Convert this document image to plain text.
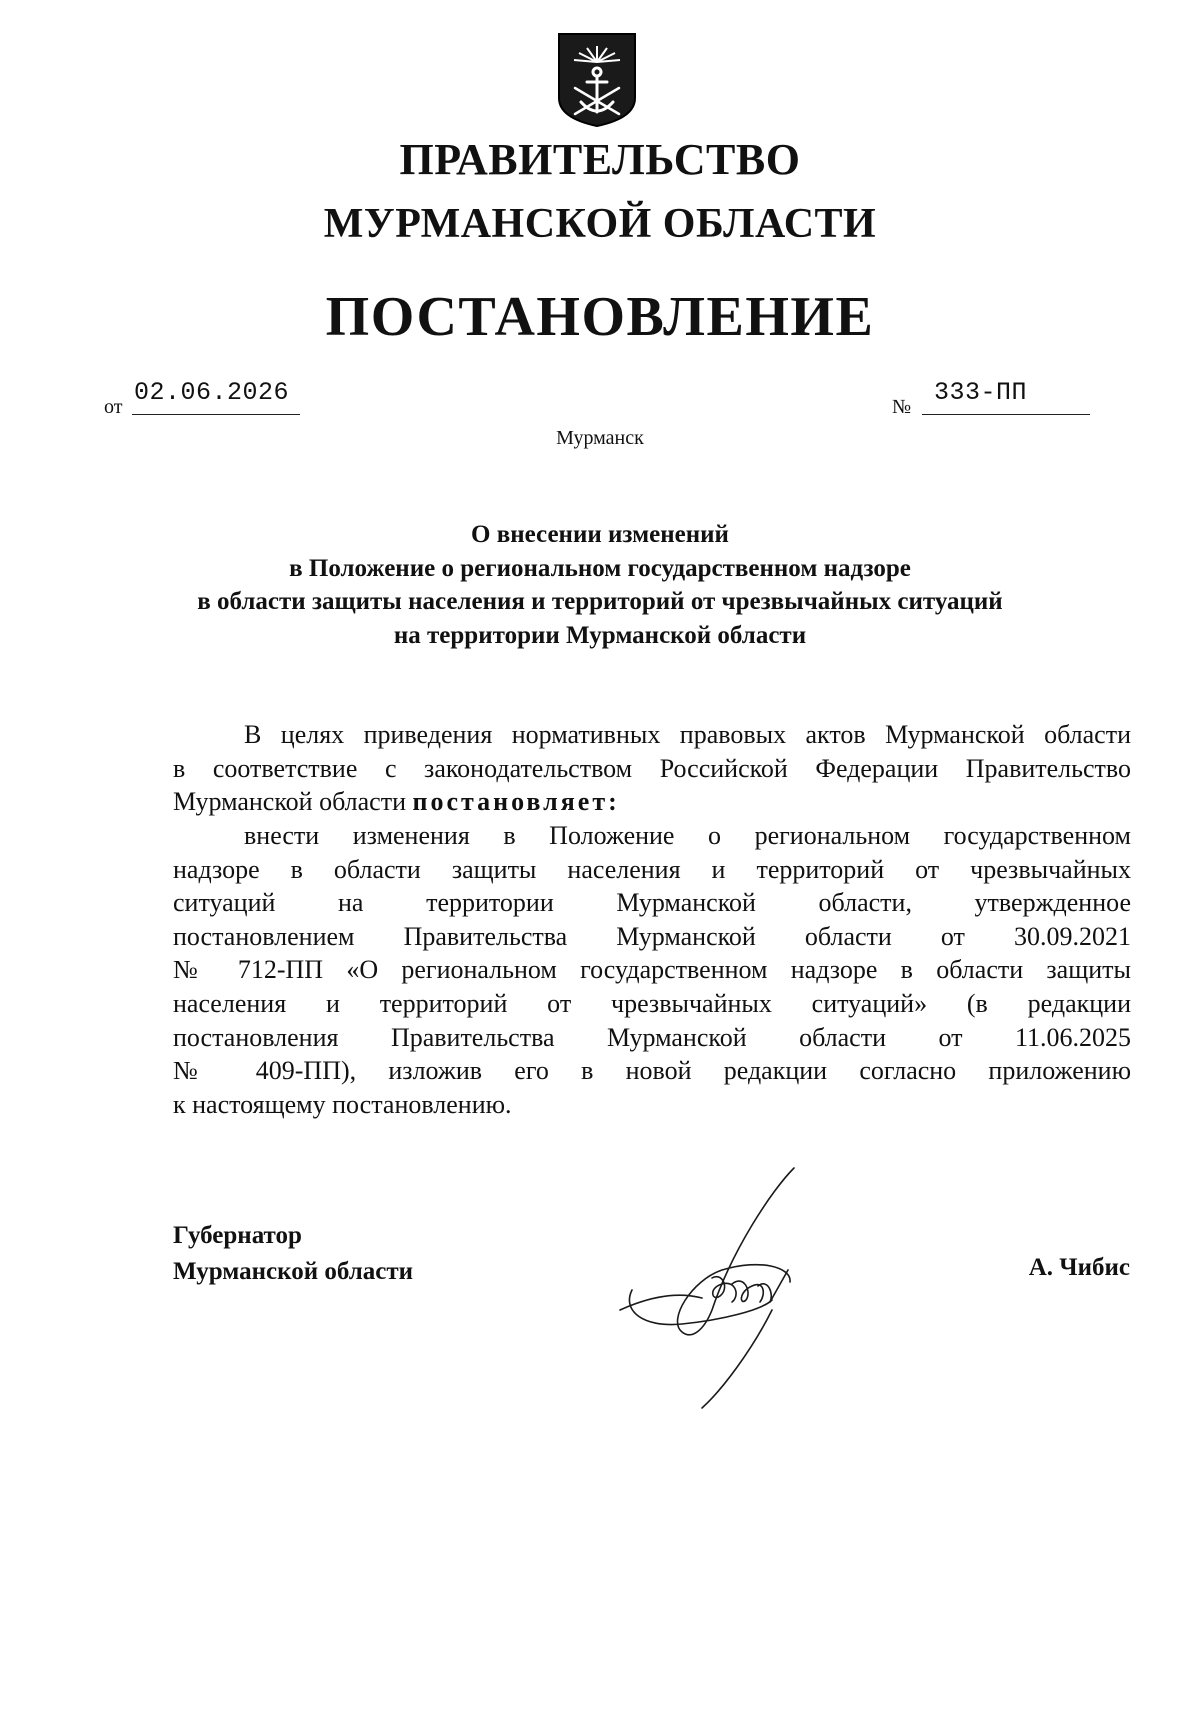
ПРАВИТЕЛЬСТВО
МУРМАНСКОЙ ОБЛАСТИ
ПОСТАНОВЛЕНИЕ
от 02.06.2026	№ 333-ПП
Мурманск
О внесении изменений
в Положение о региональном государственном надзоре
в области защиты населения и территорий от чрезвычайных ситуаций
на территории Мурманской области
В целях приведения нормативных правовых актов Мурманской области
в соответствие с законодательством Российской Федерации Правительство
Мурманской области постановляет:
внести изменения в Положение о региональном государственном
надзоре в области защиты населения и территорий от чрезвычайных
ситуаций на территории Мурманской области, утвержденное
постановлением Правительства Мурманской области от 30.09.2021
№ 712-ПП «О региональном государственном надзоре в области защиты
населения и территорий от чрезвычайных ситуаций» (в редакции
постановления Правительства Мурманской области от 11.06.2025
№ 409-ПП), изложив его в новой редакции согласно приложению
к настоящему постановлению.
Губернатор
Мурманской области	А. Чибис
